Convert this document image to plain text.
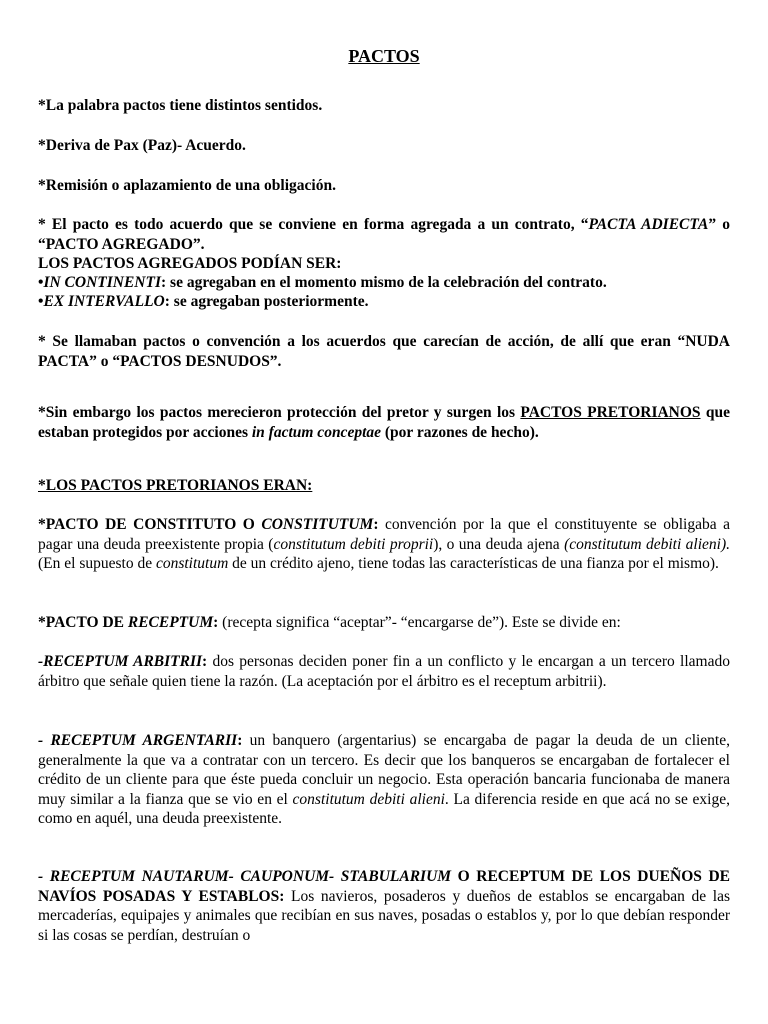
PACTOS
*La palabra pactos tiene distintos sentidos.
*Deriva de Pax (Paz)- Acuerdo.
*Remisión o aplazamiento de una obligación.
* El pacto es todo acuerdo que se conviene en forma agregada a un contrato, “PACTA ADIECTA” o “PACTO AGREGADO”.
LOS PACTOS AGREGADOS PODÍAN SER:
•IN CONTINENTI: se agregaban en el momento mismo de la celebración del contrato.
•EX INTERVALLO: se agregaban posteriormente.
* Se llamaban pactos o convención a los acuerdos que carecían de acción, de allí que eran “NUDA PACTA” o “PACTOS DESNUDOS”.
*Sin embargo los pactos merecieron protección del pretor y surgen los PACTOS PRETORIANOS que estaban protegidos por acciones in factum conceptae (por razones de hecho).
*LOS PACTOS PRETORIANOS ERAN:
*PACTO DE CONSTITUTO O CONSTITUTUM: convención por la que el constituyente se obligaba a pagar una deuda preexistente propia (constitutum debiti proprii), o una deuda ajena (constitutum debiti alieni). (En el supuesto de constitutum de un crédito ajeno, tiene todas las características de una fianza por el mismo).
*PACTO DE RECEPTUM: (recepta significa “aceptar”- “encargarse de”). Este se divide en:
-RECEPTUM ARBITRII: dos personas deciden poner fin a un conflicto y le encargan a un tercero llamado árbitro que señale quien tiene la razón. (La aceptación por el árbitro es el receptum arbitrii).
- RECEPTUM ARGENTARII: un banquero (argentarius) se encargaba de pagar la deuda de un cliente, generalmente la que va a contratar con un tercero. Es decir que los banqueros se encargaban de fortalecer el crédito de un cliente para que éste pueda concluir un negocio. Esta operación bancaria funcionaba de manera muy similar a la fianza que se vio en el constitutum debiti alieni. La diferencia reside en que acá no se exige, como en aquél, una deuda preexistente.
- RECEPTUM NAUTARUM- CAUPONUM- STABULARIUM O RECEPTUM DE LOS DUEÑOS DE NAVÍOS POSADAS Y ESTABLOS: Los navieros, posaderos y dueños de establos se encargaban de las mercaderías, equipajes y animales que recibían en sus naves, posadas o establos y, por lo que debían responder si las cosas se perdían, destruían o
